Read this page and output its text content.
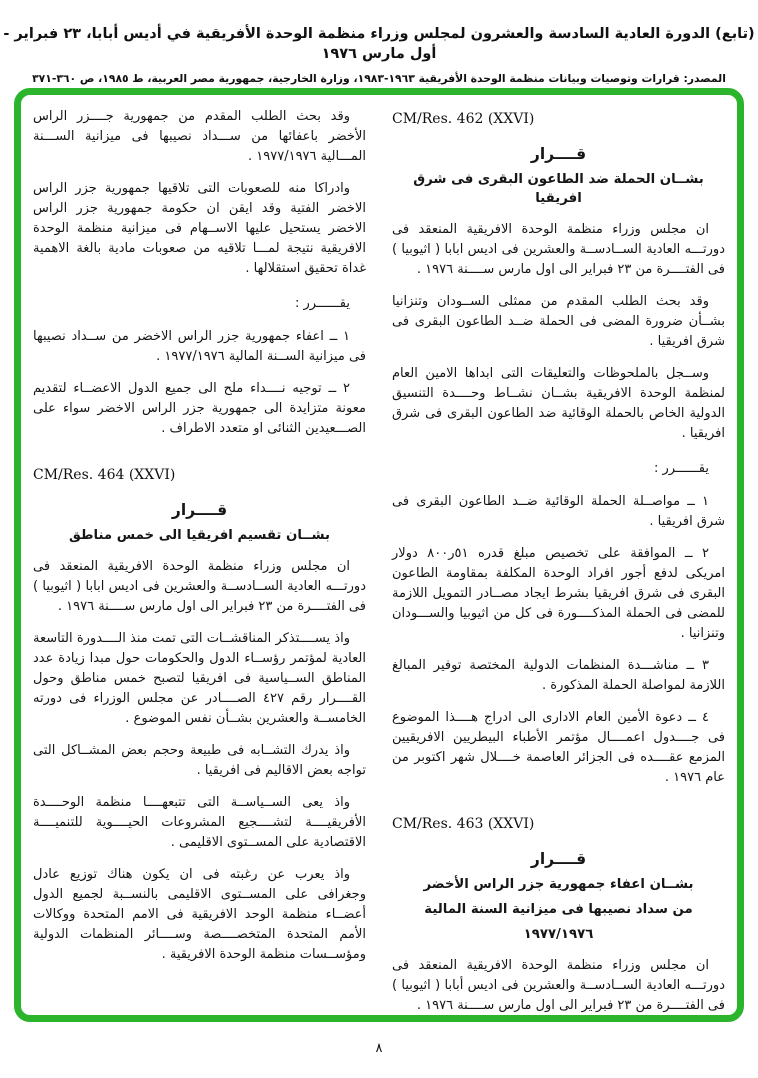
(تابع) الدورة العادية السادسة والعشرون لمجلس وزراء منظمة الوحدة الأفريقية في أديس أبابا، ٢٣ فبراير - أول مارس ١٩٧٦
المصدر: قرارات وتوصيات وبيانات منظمة الوحدة الأفريقية ١٩٦٣-١٩٨٣، وزارة الخارجية، جمهورية مصر العربية، ط ١٩٨٥، ص ٣٦٠-٣٧١
CM/Res. 462 (XXVI)
قــــرار
بشــان الحملة ضد الطاعون البقرى فى شرق افريقيا

ان مجلس وزراء منظمة الوحدة الافريقية المنعقد فى دورتـــه العادية الســادســة والعشرين فى اديس ابابا ( اثيوبيا ) فى الفتــــرة من ٢٣ فبراير الى اول مارس ســــنة ١٩٧٦ .

وقد بحث الطلب المقدم من ممثلى الســودان وتنزانيا بشــأن ضرورة المضى فى الحملة ضــد الطاعون البقرى فى شرق افريقيا .

وســجل بالملحوظات والتعليقات التى ابداها الامين العام لمنظمة الوحدة الافريقية بشــان نشــاط وحــــدة التنسيق الدولية الخاص بالحملة الوقائية ضد الطاعون البقرى فى شرق افريقيا .

يقــــــرر :

١ ــ مواصــلة الحملة الوقائية ضــد الطاعون البقرى فى شرق افريقيا .

٢ ــ الموافقة على تخصيص مبلغ قدره ٥١ر٨٠٠ دولار امريكى لدفع أجور افراد الوحدة المكلفة بمقاومة الطاعون البقرى فى شرق افريقيا بشرط ايجاد مصــادر التمويل اللازمة للمضى فى الحملة المذكــــورة فى كل من اثيوبيا والســـودان وتنزانيا .

٣ ــ مناشـــدة المنظمات الدولية المختصة توفير المبالغ اللازمة لمواصلة الحملة المذكورة .

٤ ــ دعوة الأمين العام الادارى الى ادراج هــــذا الموضوع فى جــــدول اعمــــال مؤتمر الأطباء البيطريين الافريقيين المزمع عقــــده فى الجزائر العاصمة خــــلال شهر اكتوبر من عام ١٩٧٦ .

CM/Res. 463 (XXVI)
قــــرار
بشــان اعفاء جمهورية جزر الراس الأخضر
من سداد نصيبها فى ميزانية السنة المالية
١٩٧٧/١٩٧٦

ان مجلس وزراء منظمة الوحدة الافريقية المنعقد فى دورتـــه العادية الســادســة والعشرين فى اديس أبابا ( اثيوبيا ) فى الفتــــرة من ٢٣ فبراير الى اول مارس ســــنة ١٩٧٦ .

وقد بحث الطلب المقدم من جمهورية جــــزر الراس الأخضر باعفائها من ســـداد نصيبها فى ميزانية الســـنة المـــالية ١٩٧٧/١٩٧٦ .

وادراكا منه للصعوبات التى تلاقيها جمهورية جزر الراس الاخضر الفتية وقد ايقن ان حكومة جمهورية جزر الراس الاخضر يستحيل عليها الاســهام فى ميزانية منظمة الوحدة الافريقية نتيجة لمـــا تلاقيه من صعوبات مادية بالغة الاهمية غداة تحقيق استقلالها .

يقــــــرر :

١ ــ اعفاء جمهورية جزر الراس الاخضر من ســداد نصيبها فى ميزانية الســنة المالية ١٩٧٧/١٩٧٦ .

٢ ــ توجيه نــــداء ملح الى جميع الدول الاعضــاء لتقديم معونة متزايدة الى جمهورية جزر الراس الاخضر سواء على الصـــعيدين الثنائى او متعدد الاطراف .

CM/Res. 464 (XXVI)
قــــرار
بشــان تقسيم افريقيا الى خمس مناطق

ان مجلس وزراء منظمة الوحدة الافريقية المنعقد فى دورتـــه العادية الســادســة والعشرين فى اديس ابابا ( اثيوبيا ) فى الفتــــرة من ٢٣ فبراير الى اول مارس ســــنة ١٩٧٦ .

واذ يســــتذكر المناقشــات التى تمت منذ الــــدورة التاسعة العادية لمؤتمر رؤســاء الدول والحكومات حول مبدا زيادة عدد المناطق الســياسية فى افريقيا لتصبح خمس مناطق وحول القــــرار رقم ٤٢٧ الصــــادر عن مجلس الوزراء فى دورته الخامســة والعشرين بشــأن نفس الموضوع .

واذ يدرك التشــابه فى طبيعة وحجم بعض المشــاكل التى تواجه بعض الاقاليم فى افريقيا .

واذ يعى الســياســة التى تتبعهــــا منظمة الوحــــدة الأفريقيــــة لتشــــجيع المشروعات الحيــــوية للتنميــــة الاقتصادية على المســتوى الاقليمى .

واذ يعرب عن رغبته فى ان يكون هناك توزيع عادل وجغرافى على المســتوى الاقليمى بالنســبة لجميع الدول أعضــاء منظمة الوحد الافريقية فى الامم المتحدة ووكالات الأمم المتحدة المتخصــــصة وســــائر المنظمات الدولية ومؤســسات منظمة الوحدة الافريقية .

٨
